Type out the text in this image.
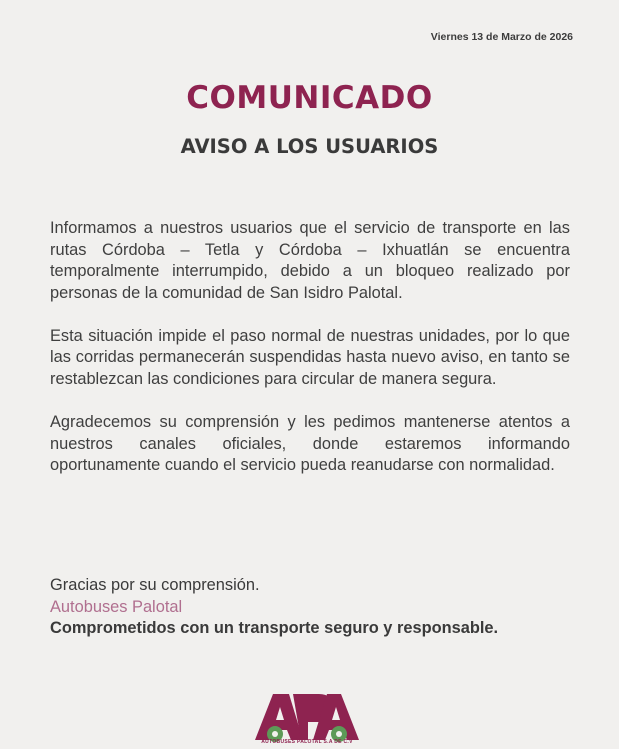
Viernes 13 de Marzo de 2026
COMUNICADO
AVISO A LOS USUARIOS

Informamos a nuestros usuarios que el servicio de transporte en las rutas Córdoba – Tetla y Córdoba – Ixhuatlán se encuentra temporalmente interrumpido, debido a un bloqueo realizado por personas de la comunidad de San Isidro Palotal.

Esta situación impide el paso normal de nuestras unidades, por lo que las corridas permanecerán suspendidas hasta nuevo aviso, en tanto se restablezcan las condiciones para circular de manera segura.

Agradecemos su comprensión y les pedimos mantenerse atentos a nuestros canales oficiales, donde estaremos informando oportunamente cuando el servicio pueda reanudarse con normalidad.

Gracias por su comprensión.
Autobuses Palotal
Comprometidos con un transporte seguro y responsable.
AUTOBUSES PALOTAL S.A DE C.V
